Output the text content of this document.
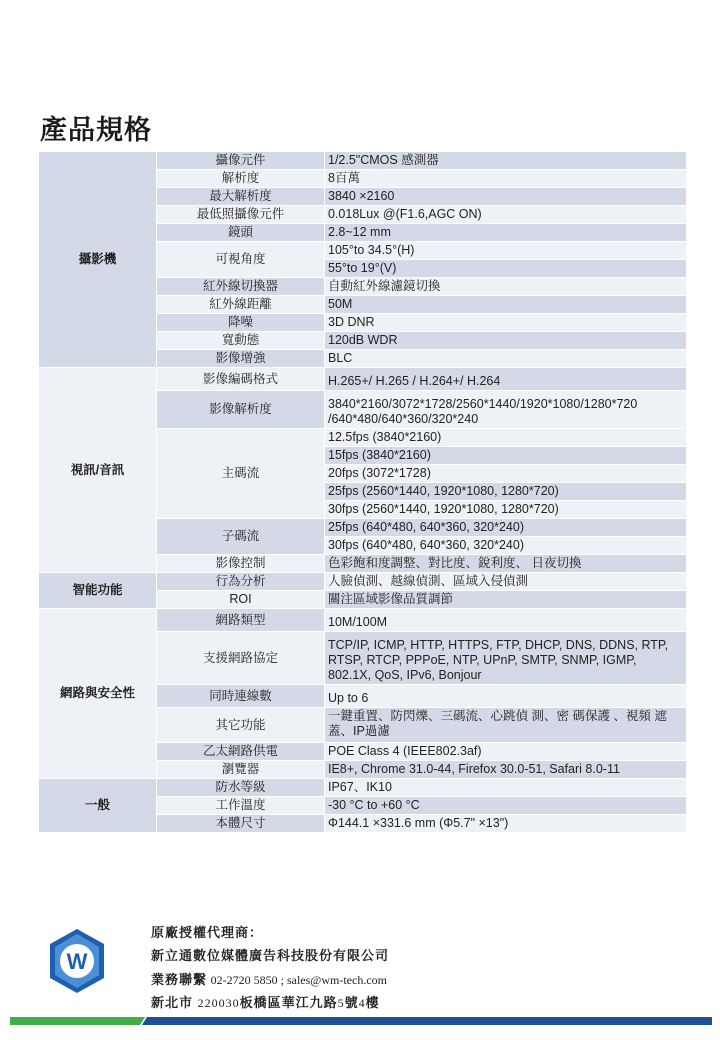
產品規格
攝影機	攝像元件	1/2.5"CMOS 感測器
	解析度	8百萬
	最大解析度	3840 ×2160
	最低照攝像元件	0.018Lux @(F1.6,AGC ON)
	鏡頭	2.8~12 mm
	可視角度	105°to 34.5°(H)
		55°to 19°(V)
	紅外線切換器	自動紅外線濾鏡切換
	紅外線距離	50M
	降噪	3D DNR
	寬動態	120dB WDR
	影像增強	BLC
視訊/音訊	影像編碼格式	H.265+/ H.265 / H.264+/ H.264
	影像解析度	3840*2160/3072*1728/2560*1440/1920*1080/1280*720 /640*480/640*360/320*240
	主碼流	12.5fps (3840*2160)
		15fps (3840*2160)
		20fps (3072*1728)
		25fps (2560*1440, 1920*1080, 1280*720)
		30fps (2560*1440, 1920*1080, 1280*720)
	子碼流	25fps (640*480, 640*360, 320*240)
		30fps (640*480, 640*360, 320*240)
	影像控制	色彩飽和度調整、對比度、銳利度、 日夜切換
智能功能	行為分析	人臉偵測、越線偵測、區域入侵偵測
	ROI	關注區域影像品質調節
網路與安全性	網路類型	10M/100M
	支援網路協定	TCP/IP, ICMP, HTTP, HTTPS, FTP, DHCP, DNS, DDNS, RTP, RTSP, RTCP, PPPoE, NTP, UPnP, SMTP, SNMP, IGMP, 802.1X, QoS, IPv6, Bonjour
	同時連線數	Up to 6
	其它功能	一鍵重置、防閃爍、三碼流、心跳偵 測、密 碼保護 、視頻 遮蓋、IP過濾
	乙太網路供電	POE Class 4 (IEEE802.3af)
	瀏覽器	IE8+, Chrome 31.0-44, Firefox 30.0-51, Safari 8.0-11
一般	防水等級	IP67、IK10
	工作溫度	-30 °C to +60 °C
	本體尺寸	Φ144.1 ×331.6 mm (Φ5.7" ×13")
W
原廠授權代理商：
新立通數位媒體廣告科技股份有限公司
業務聯繫 02-2720 5850 ; sales@wm-tech.com
新北市 220030板橋區華江九路5號4樓
